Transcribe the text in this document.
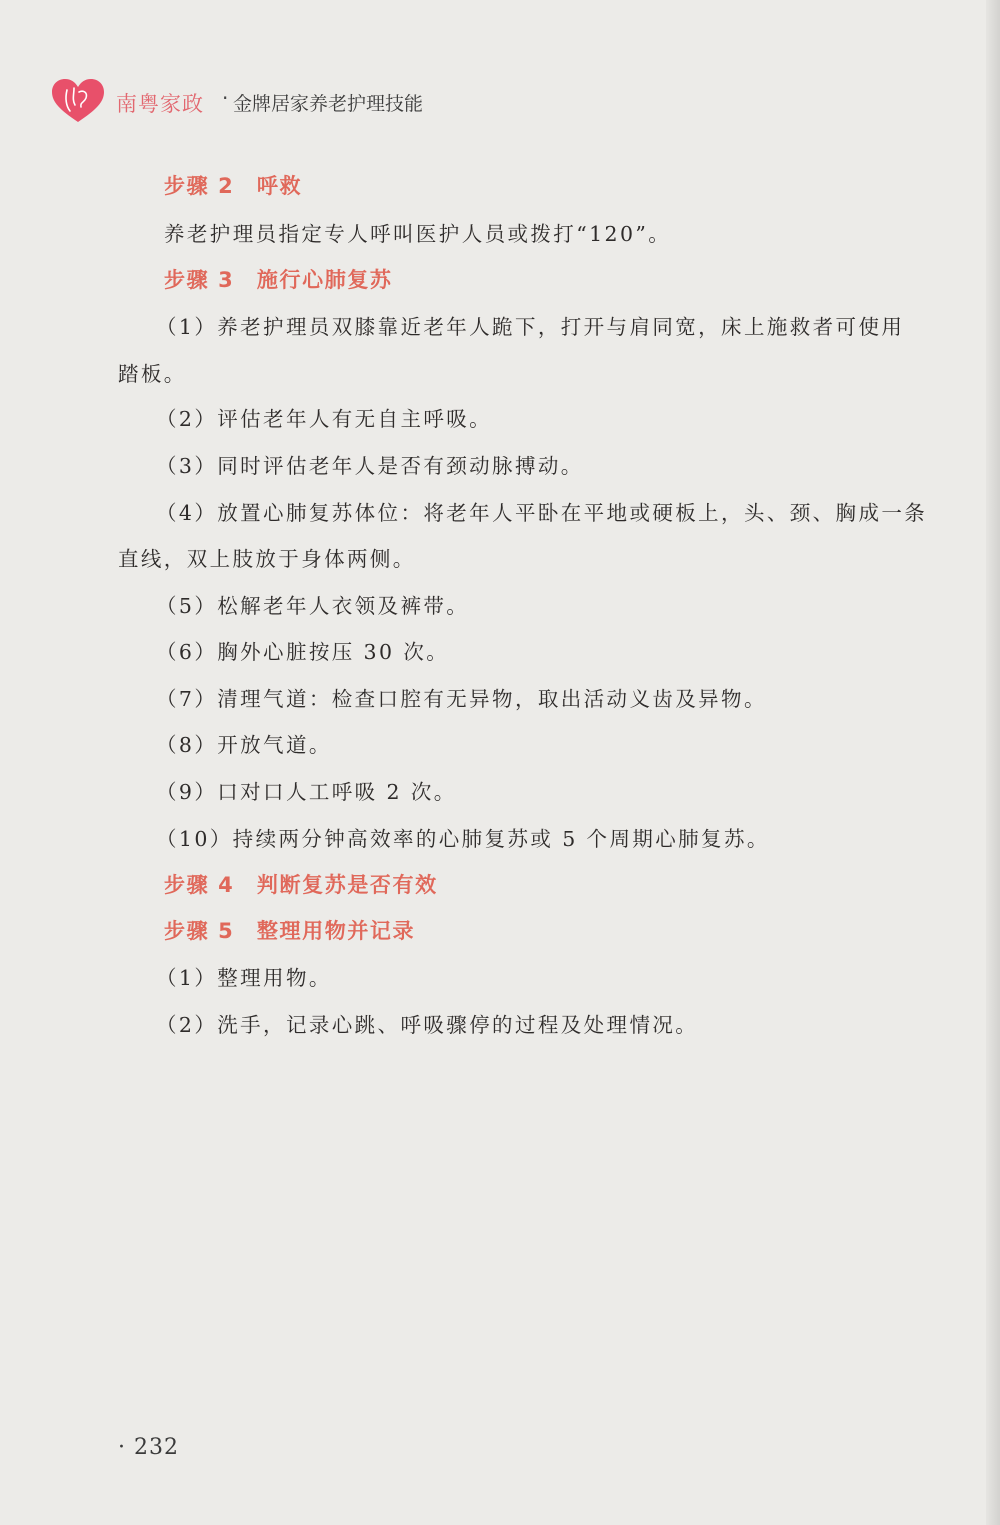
南粤家政 · 金牌居家养老护理技能
步骤 2　呼救
养老护理员指定专人呼叫医护人员或拨打“120”。
步骤 3　施行心肺复苏
（1）养老护理员双膝靠近老年人跪下，打开与肩同宽，床上施救者可使用
踏板。
（2）评估老年人有无自主呼吸。
（3）同时评估老年人是否有颈动脉搏动。
（4）放置心肺复苏体位：将老年人平卧在平地或硬板上，头、颈、胸成一条
直线，双上肢放于身体两侧。
（5）松解老年人衣领及裤带。
（6）胸外心脏按压 30 次。
（7）清理气道：检查口腔有无异物，取出活动义齿及异物。
（8）开放气道。
（9）口对口人工呼吸 2 次。
（10）持续两分钟高效率的心肺复苏或 5 个周期心肺复苏。
步骤 4　判断复苏是否有效
步骤 5　整理用物并记录
（1）整理用物。
（2）洗手，记录心跳、呼吸骤停的过程及处理情况。
· 232
